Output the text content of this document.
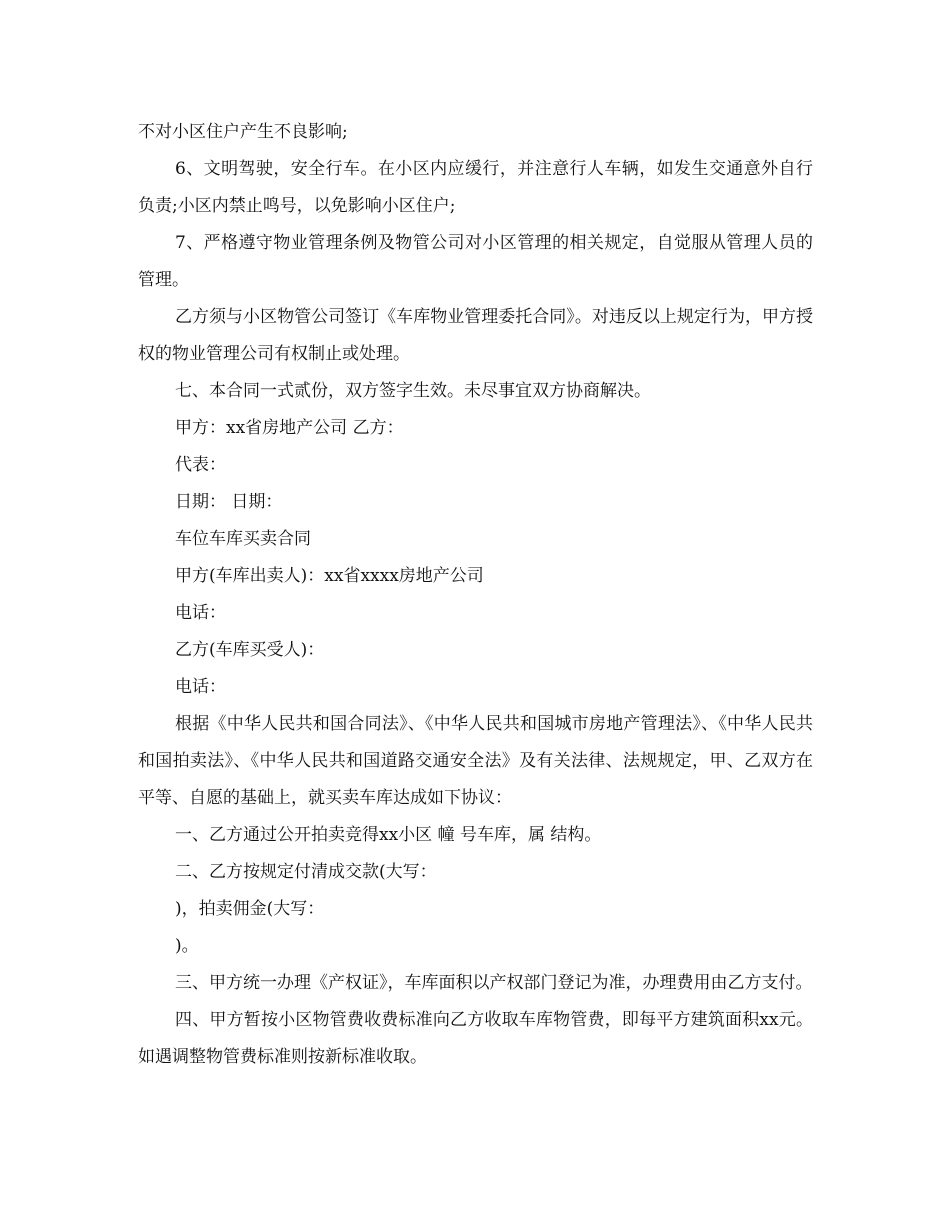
不对小区住户产生不良影响;

6、文明驾驶，安全行车。在小区内应缓行，并注意行人车辆，如发生交通意外自行负责;小区内禁止鸣号，以免影响小区住户;

7、严格遵守物业管理条例及物管公司对小区管理的相关规定，自觉服从管理人员的管理。

乙方须与小区物管公司签订《车库物业管理委托合同》。对违反以上规定行为，甲方授权的物业管理公司有权制止或处理。

七、本合同一式贰份，双方签字生效。未尽事宜双方协商解决。

甲方：xx省房地产公司 乙方：

代表：

日期： 日期：

车位车库买卖合同

甲方(车库出卖人)：xx省xxxx房地产公司

电话：

乙方(车库买受人)：

电话：

根据《中华人民共和国合同法》、《中华人民共和国城市房地产管理法》、《中华人民共和国拍卖法》、《中华人民共和国道路交通安全法》及有关法律、法规规定，甲、乙双方在平等、自愿的基础上，就买卖车库达成如下协议：

一、乙方通过公开拍卖竞得xx小区 幢 号车库，属 结构。

二、乙方按规定付清成交款(大写：

)，拍卖佣金(大写：

)。

三、甲方统一办理《产权证》，车库面积以产权部门登记为准，办理费用由乙方支付。

四、甲方暂按小区物管费收费标准向乙方收取车库物管费，即每平方建筑面积xx元。如遇调整物管费标准则按新标准收取。
